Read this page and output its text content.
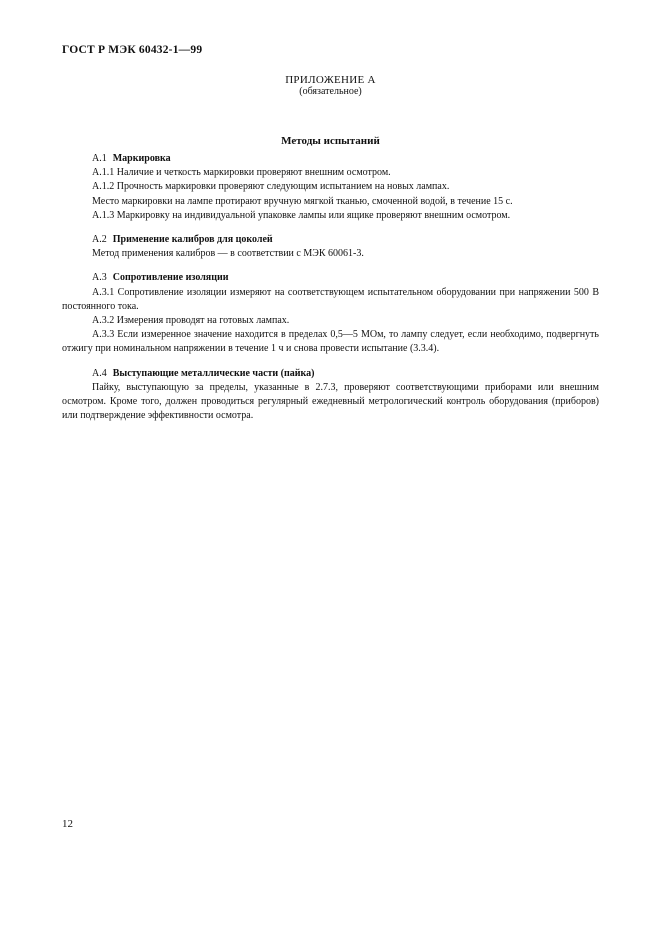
ГОСТ Р МЭК 60432-1—99
ПРИЛОЖЕНИЕ А
(обязательное)
Методы испытаний
А.1 Маркировка
А.1.1 Наличие и четкость маркировки проверяют внешним осмотром.
А.1.2 Прочность маркировки проверяют следующим испытанием на новых лампах.
Место маркировки на лампе протирают вручную мягкой тканью, смоченной водой, в течение 15 с.
А.1.3 Маркировку на индивидуальной упаковке лампы или ящике проверяют внешним осмотром.
А.2 Применение калибров для цоколей
Метод применения калибров — в соответствии с МЭК 60061-3.
А.3 Сопротивление изоляции
А.3.1 Сопротивление изоляции измеряют на соответствующем испытательном оборудовании при напряжении 500 В постоянного тока.
А.3.2 Измерения проводят на готовых лампах.
А.3.3 Если измеренное значение находится в пределах 0,5—5 МОм, то лампу следует, если необходимо, подвергнуть отжигу при номинальном напряжении в течение 1 ч и снова провести испытание (3.3.4).
А.4 Выступающие металлические части (пайка)
Пайку, выступающую за пределы, указанные в 2.7.3, проверяют соответствующими приборами или внешним осмотром. Кроме того, должен проводиться регулярный ежедневный метрологический контроль оборудования (приборов) или подтверждение эффективности осмотра.
12
